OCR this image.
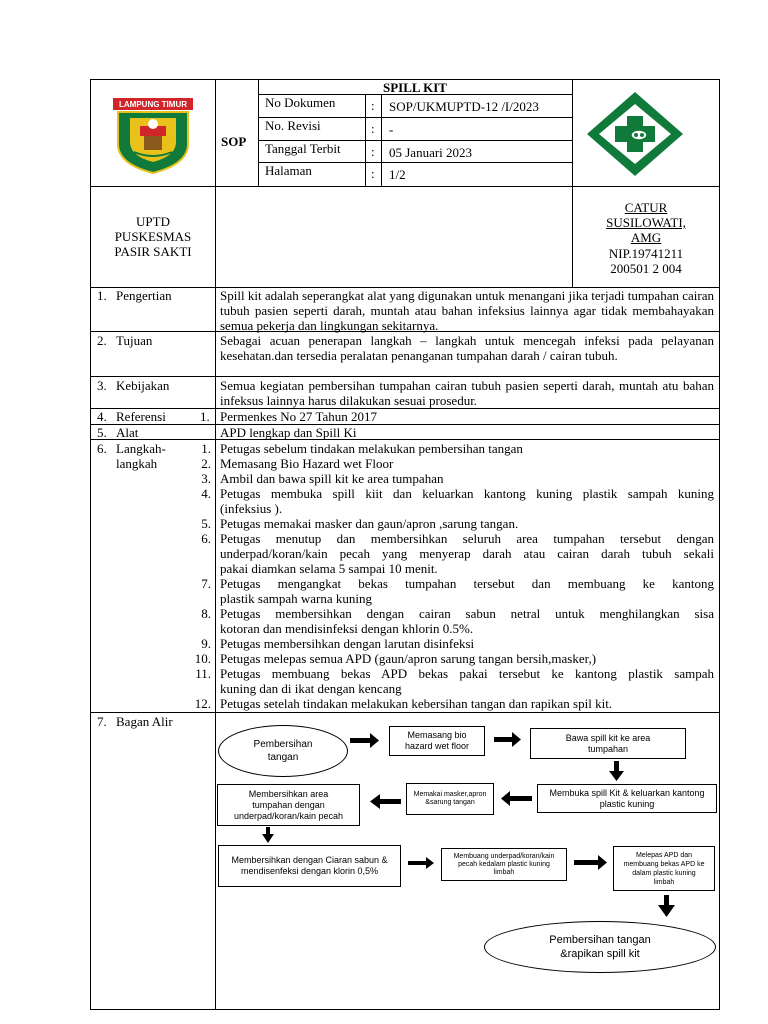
LAMPUNG TIMUR
SOP
SPILL KIT
No Dokumen	: SOP/UKMUPTD-12 /I/2023
No. Revisi	: -
Tanggal Terbit : 05 Januari 2023
Halaman	: 1/2
UPTD
PUSKESMAS
PASIR SAKTI
CATUR
SUSILOWATI,
AMG
NIP.19741211
200501 2 004
1. Pengertian	Spill kit adalah seperangkat alat yang digunakan untuk menangani jika terjadi tumpahan cairan tubuh pasien seperti darah, muntah atau bahan infeksius lainnya agar tidak membahayakan semua pekerja dan lingkungan sekitarnya.
2. Tujuan	Sebagai acuan penerapan langkah – langkah untuk mencegah infeksi pada pelayanan kesehatan.dan tersedia peralatan penanganan tumpahan darah / cairan tubuh.
3. Kebijakan	Semua kegiatan pembersihan tumpahan cairan tubuh pasien seperti darah, muntah atu bahan infeksus lainnya harus dilakukan sesuai prosedur.
4. Referensi	1. Permenkes No 27 Tahun 2017
5. Alat	APD lengkap dan Spill Ki
6. Langkah-
langkah
1. Petugas sebelum tindakan melakukan pembersihan tangan
2. Memasang Bio Hazard wet Floor
3. Ambil dan bawa spill kit ke area tumpahan
4. Petugas membuka spill kiit dan keluarkan kantong kuning plastik sampah kuning
(infeksius ).
5. Petugas memakai masker dan gaun/apron ,sarung tangan.
6. Petugas menutup dan membersihkan seluruh area tumpahan tersebut dengan
underpad/koran/kain pecah yang menyerap darah atau cairan darah tubuh sekali
pakai diamkan selama 5 sampai 10 menit.
7. Petugas mengangkat bekas tumpahan tersebut dan membuang ke kantong
plastik sampah warna kuning
8. Petugas membersihkan dengan cairan sabun netral untuk menghilangkan sisa
kotoran dan mendisinfeksi dengan khlorin 0.5%.
9. Petugas membersihkan dengan larutan disinfeksi
10. Petugas melepas semua APD (gaun/apron sarung tangan bersih,masker,)
11. Petugas membuang bekas APD bekas pakai tersebut ke kantong plastik sampah
kuning dan di ikat dengan kencang
12. Petugas setelah tindakan melakukan kebersihan tangan dan rapikan spil kit.
7. Bagan Alir
Pembersihan tangan
Memasang bio hazard wet floor
Bawa spill kit ke area tumpahan
Membuka spill Kit & keluarkan kantong plastic kuning
Memakai masker,apron &sarung tangan
Membersihkan area tumpahan dengan underpad/koran/kain pecah
Membersihkan dengan Ciaran sabun & mendisenfeksi dengan klorin 0,5%
Membuang underpad/koran/kain pecah kedalam plastic kuning limbah
Melepas APD dan membuang bekas APD ke dalam plastic kuning limbah
Pembersihan tangan &rapikan spill kit
